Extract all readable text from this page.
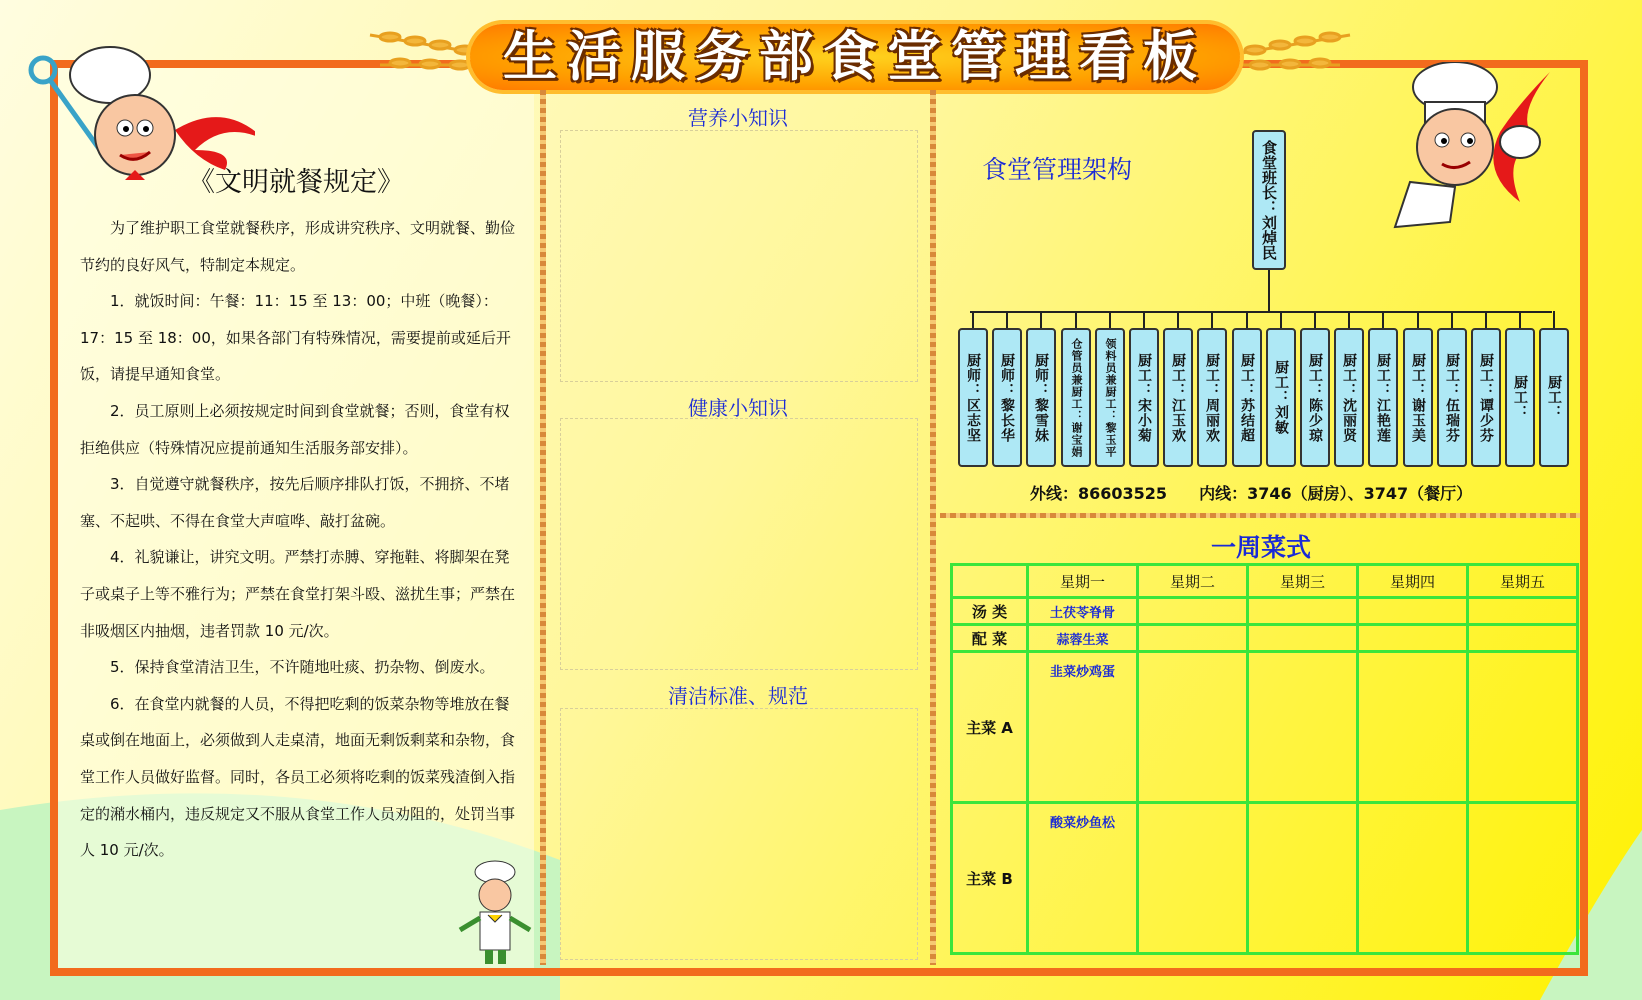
生活服务部食堂管理看板
《文明就餐规定》

为了维护职工食堂就餐秩序，形成讲究秩序、文明就餐、勤俭节约的良好风气，特制定本规定。

1．就饭时间：午餐：11：15 至 13：00；中班（晚餐）：17：15 至 18：00，如果各部门有特殊情况，需要提前或延后开饭，请提早通知食堂。

2．员工原则上必须按规定时间到食堂就餐；否则，食堂有权拒绝供应（特殊情况应提前通知生活服务部安排）。

3．自觉遵守就餐秩序，按先后顺序排队打饭，不拥挤、不堵塞、不起哄、不得在食堂大声喧哗、敲打盆碗。

4．礼貌谦让，讲究文明。严禁打赤膊、穿拖鞋、将脚架在凳子或桌子上等不雅行为；严禁在食堂打架斗殴、滋扰生事；严禁在非吸烟区内抽烟，违者罚款 10 元/次。

5．保持食堂清洁卫生，不许随地吐痰、扔杂物、倒废水。

6．在食堂内就餐的人员，不得把吃剩的饭菜杂物等堆放在餐桌或倒在地面上，必须做到人走桌清，地面无剩饭剩菜和杂物，食堂工作人员做好监督。同时，各员工必须将吃剩的饭菜残渣倒入指定的潲水桶内，违反规定又不服从食堂工作人员劝阻的，处罚当事人 10 元/次。

营养小知识
健康小知识
清洁标准、规范
食堂管理架构	食堂班长：刘焯民
厨师：区志坚	厨师：黎长华	厨师：黎雪妹	仓管员兼厨工：谢宝娟	领料员兼厨工：黎玉平	厨工：宋小菊	厨工：江玉欢	厨工：周丽欢	厨工：苏结超	厨工：刘敏	厨工：陈少琼	厨工：沈丽贤	厨工：江艳莲	厨工：谢玉美	厨工：伍瑞芬	厨工：谭少芬	厨工：	厨工：
外线：86603525　　内线：3746（厨房）、3747（餐厅）
一周菜式
	星期一	星期二	星期三	星期四	星期五
汤 类	土茯苓脊骨				
配 菜	蒜蓉生菜				
主菜 A	韭菜炒鸡蛋				
主菜 B	酸菜炒鱼松				
